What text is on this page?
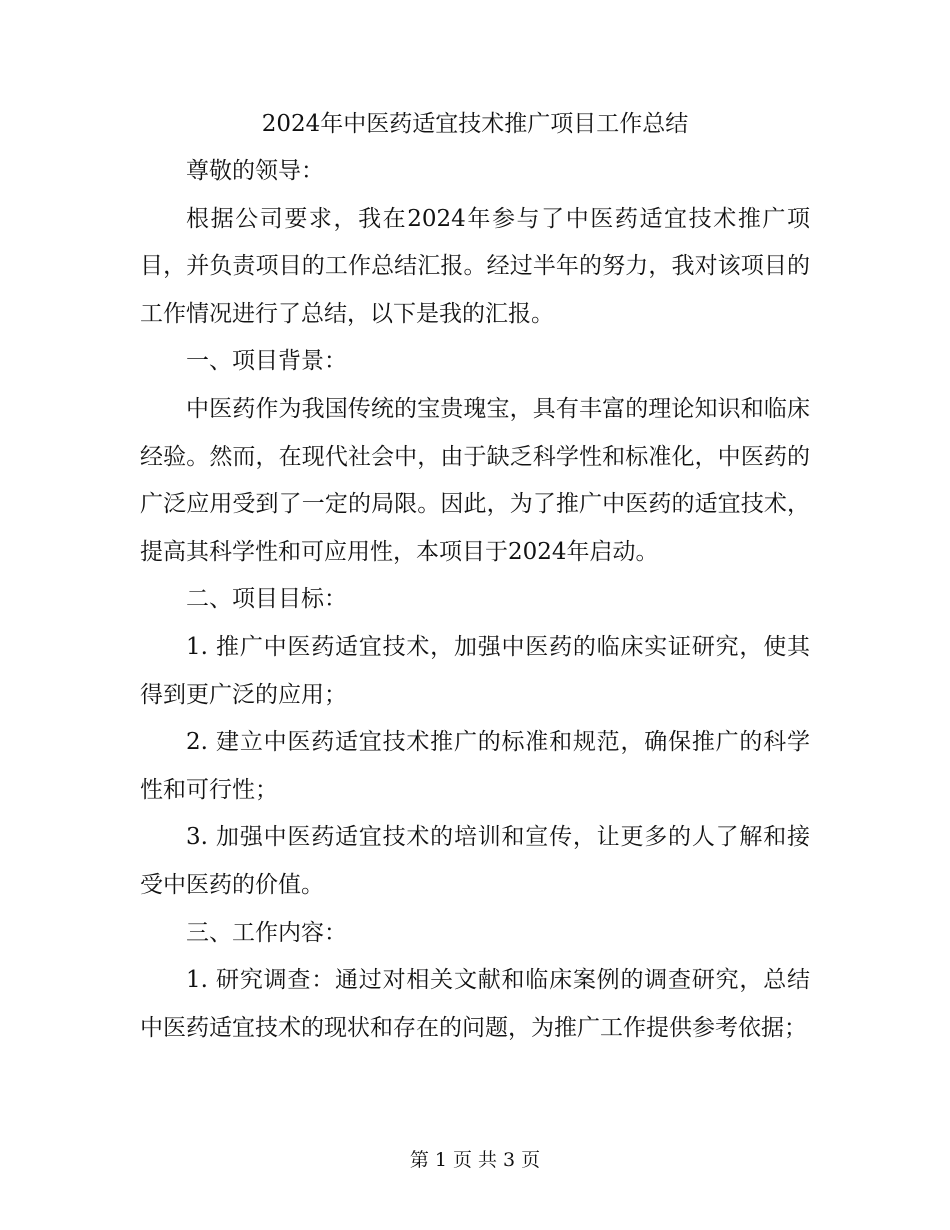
2024年中医药适宜技术推广项目工作总结

尊敬的领导：

根据公司要求，我在2024年参与了中医药适宜技术推广项目，并负责项目的工作总结汇报。经过半年的努力，我对该项目的工作情况进行了总结，以下是我的汇报。

一、项目背景：

中医药作为我国传统的宝贵瑰宝，具有丰富的理论知识和临床经验。然而，在现代社会中，由于缺乏科学性和标准化，中医药的广泛应用受到了一定的局限。因此，为了推广中医药的适宜技术，提高其科学性和可应用性，本项目于2024年启动。

二、项目目标：

1. 推广中医药适宜技术，加强中医药的临床实证研究，使其得到更广泛的应用；

2. 建立中医药适宜技术推广的标准和规范，确保推广的科学性和可行性；

3. 加强中医药适宜技术的培训和宣传，让更多的人了解和接受中医药的价值。

三、工作内容：

1. 研究调查：通过对相关文献和临床案例的调查研究，总结中医药适宜技术的现状和存在的问题，为推广工作提供参考依据；

第 1 页 共 3 页
